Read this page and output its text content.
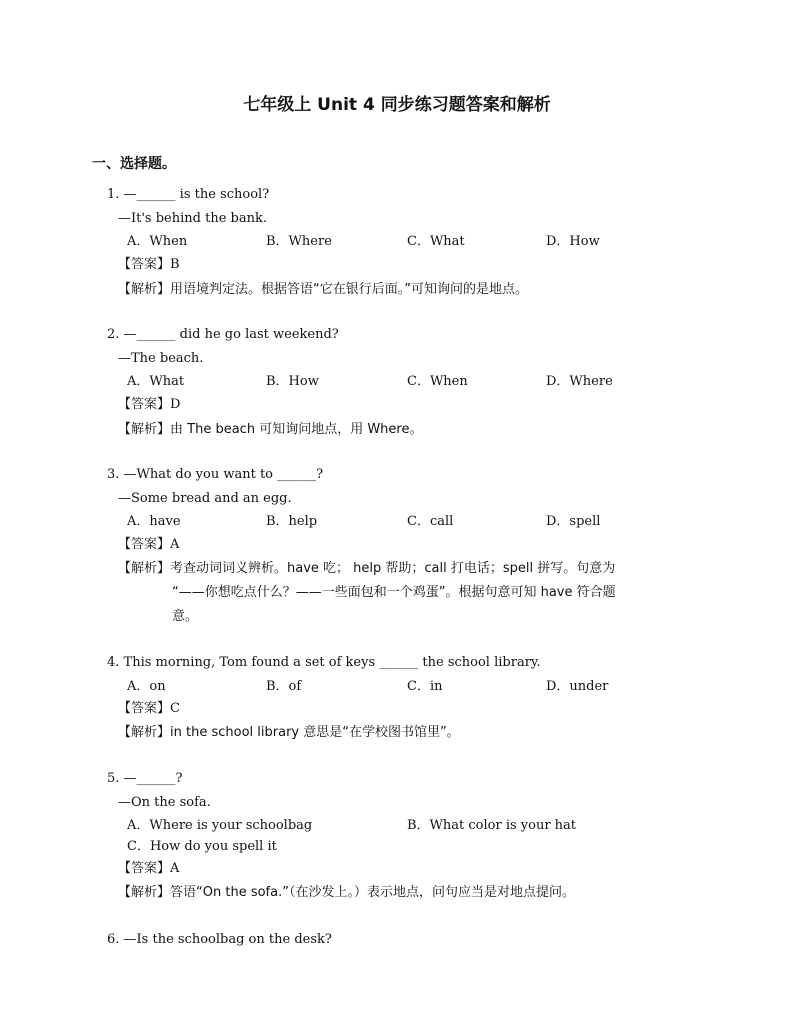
七年级上 Unit 4 同步练习题答案和解析
一、选择题。
1. —______ is the school?
—It's behind the bank.
A．When	B．Where	C．What	D．How
【答案】B
【解析】用语境判定法。根据答语“它在银行后面。”可知询问的是地点。
2. —______ did he go last weekend?
—The beach.
A．What	B．How	C．When	D．Where
【答案】D
【解析】由 The beach 可知询问地点，用 Where。
3. —What do you want to ______?
—Some bread and an egg.
A．have	B．help	C．call	D．spell
【答案】A
【解析】考查动词词义辨析。have 吃； help 帮助；call 打电话；spell 拼写。句意为
“——你想吃点什么？——一些面包和一个鸡蛋”。根据句意可知 have 符合题
意。
4. This morning, Tom found a set of keys ______ the school library.
A．on	B．of	C．in	D．under
【答案】C
【解析】in the school library 意思是“在学校图书馆里”。
5. —______?
—On the sofa.
A．Where is your schoolbag	B．What color is your hat
C．How do you spell it
【答案】A
【解析】答语“On the sofa.”（在沙发上。）表示地点，问句应当是对地点提问。
6. —Is the schoolbag on the desk?
